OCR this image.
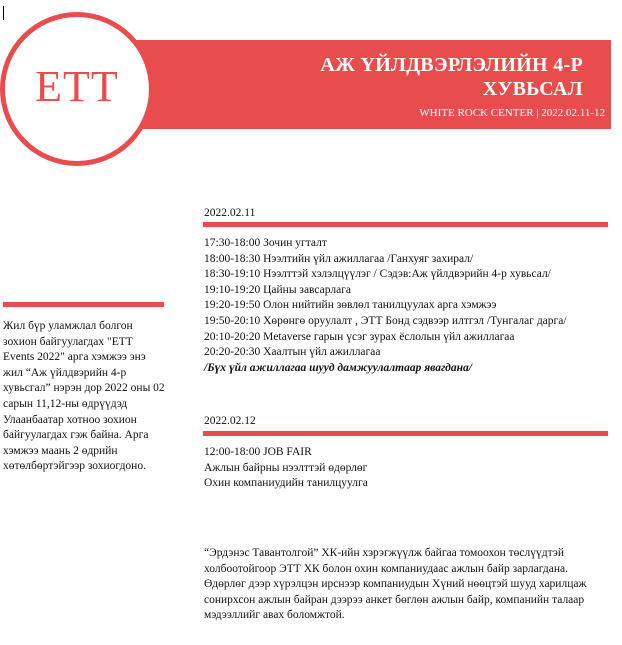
АЖ ҮЙЛДВЭРЛЭЛИЙН 4-Р ХУВЬСАЛ
WHITE ROCK CENTER | 2022.02.11-12
ETT
Жил бүр уламжлал болгон зохион байгуулагдах "ETT Events 2022" арга хэмжээ энэ жил “Аж үйлдвэрийн 4-р хувьсгал” нэрэн дор 2022 оны 02 сарын 11,12-ны өдрүүдэд Улаанбаатар хотноо зохион байгуулагдах гэж байна. Арга хэмжээ маань 2 өдрийн хөтөлбөртэйгээр зохиогдоно.
2022.02.11
17:30-18:00 Зочин угталт
18:00-18:30 Нээлтийн үйл ажиллагаа /Ганхуяг захирал/
18:30-19:10 Нээлттэй хэлэлцүүлэг / Сэдэв:Аж үйлдвэрийн 4-р хувьсал/
19:10-19:20 Цайны завсарлага
19:20-19:50 Олон нийтийн зөвлөл танилцуулах арга хэмжээ
19:50-20:10 Хөрөнгө оруулалт , ЭТТ Бонд сэдвээр илтгэл /Тунгалаг дарга/
20:10-20:20 Metaverse гарын үсэг зурах ёслолын үйл ажиллагаа
20:20-20:30 Хаалтын үйл ажиллагаа
/Бүх үйл ажиллагаа шууд дамжуулалтаар явагдана/
2022.02.12
12:00-18:00 JOB FAIR
Ажлын байрны нээлттэй өдөрлөг
Охин компаниудийн танилцуулга
“Эрдэнэс Тавантолгой” ХК-ийн хэрэгжүүлж байгаа томоохон төслүүдтэй холбоотойгоор ЭТТ ХК болон охин компаниудаас ажлын байр зарлагдана. Өдөрлөг дээр хүрэлцэн ирснээр компаниудын Хүний нөөцтэй шууд харилцаж сонирхсон ажлын байран дээрээ анкет бөглөн ажлын байр, компанийн талаар мэдээллийг авах боломжтой.
